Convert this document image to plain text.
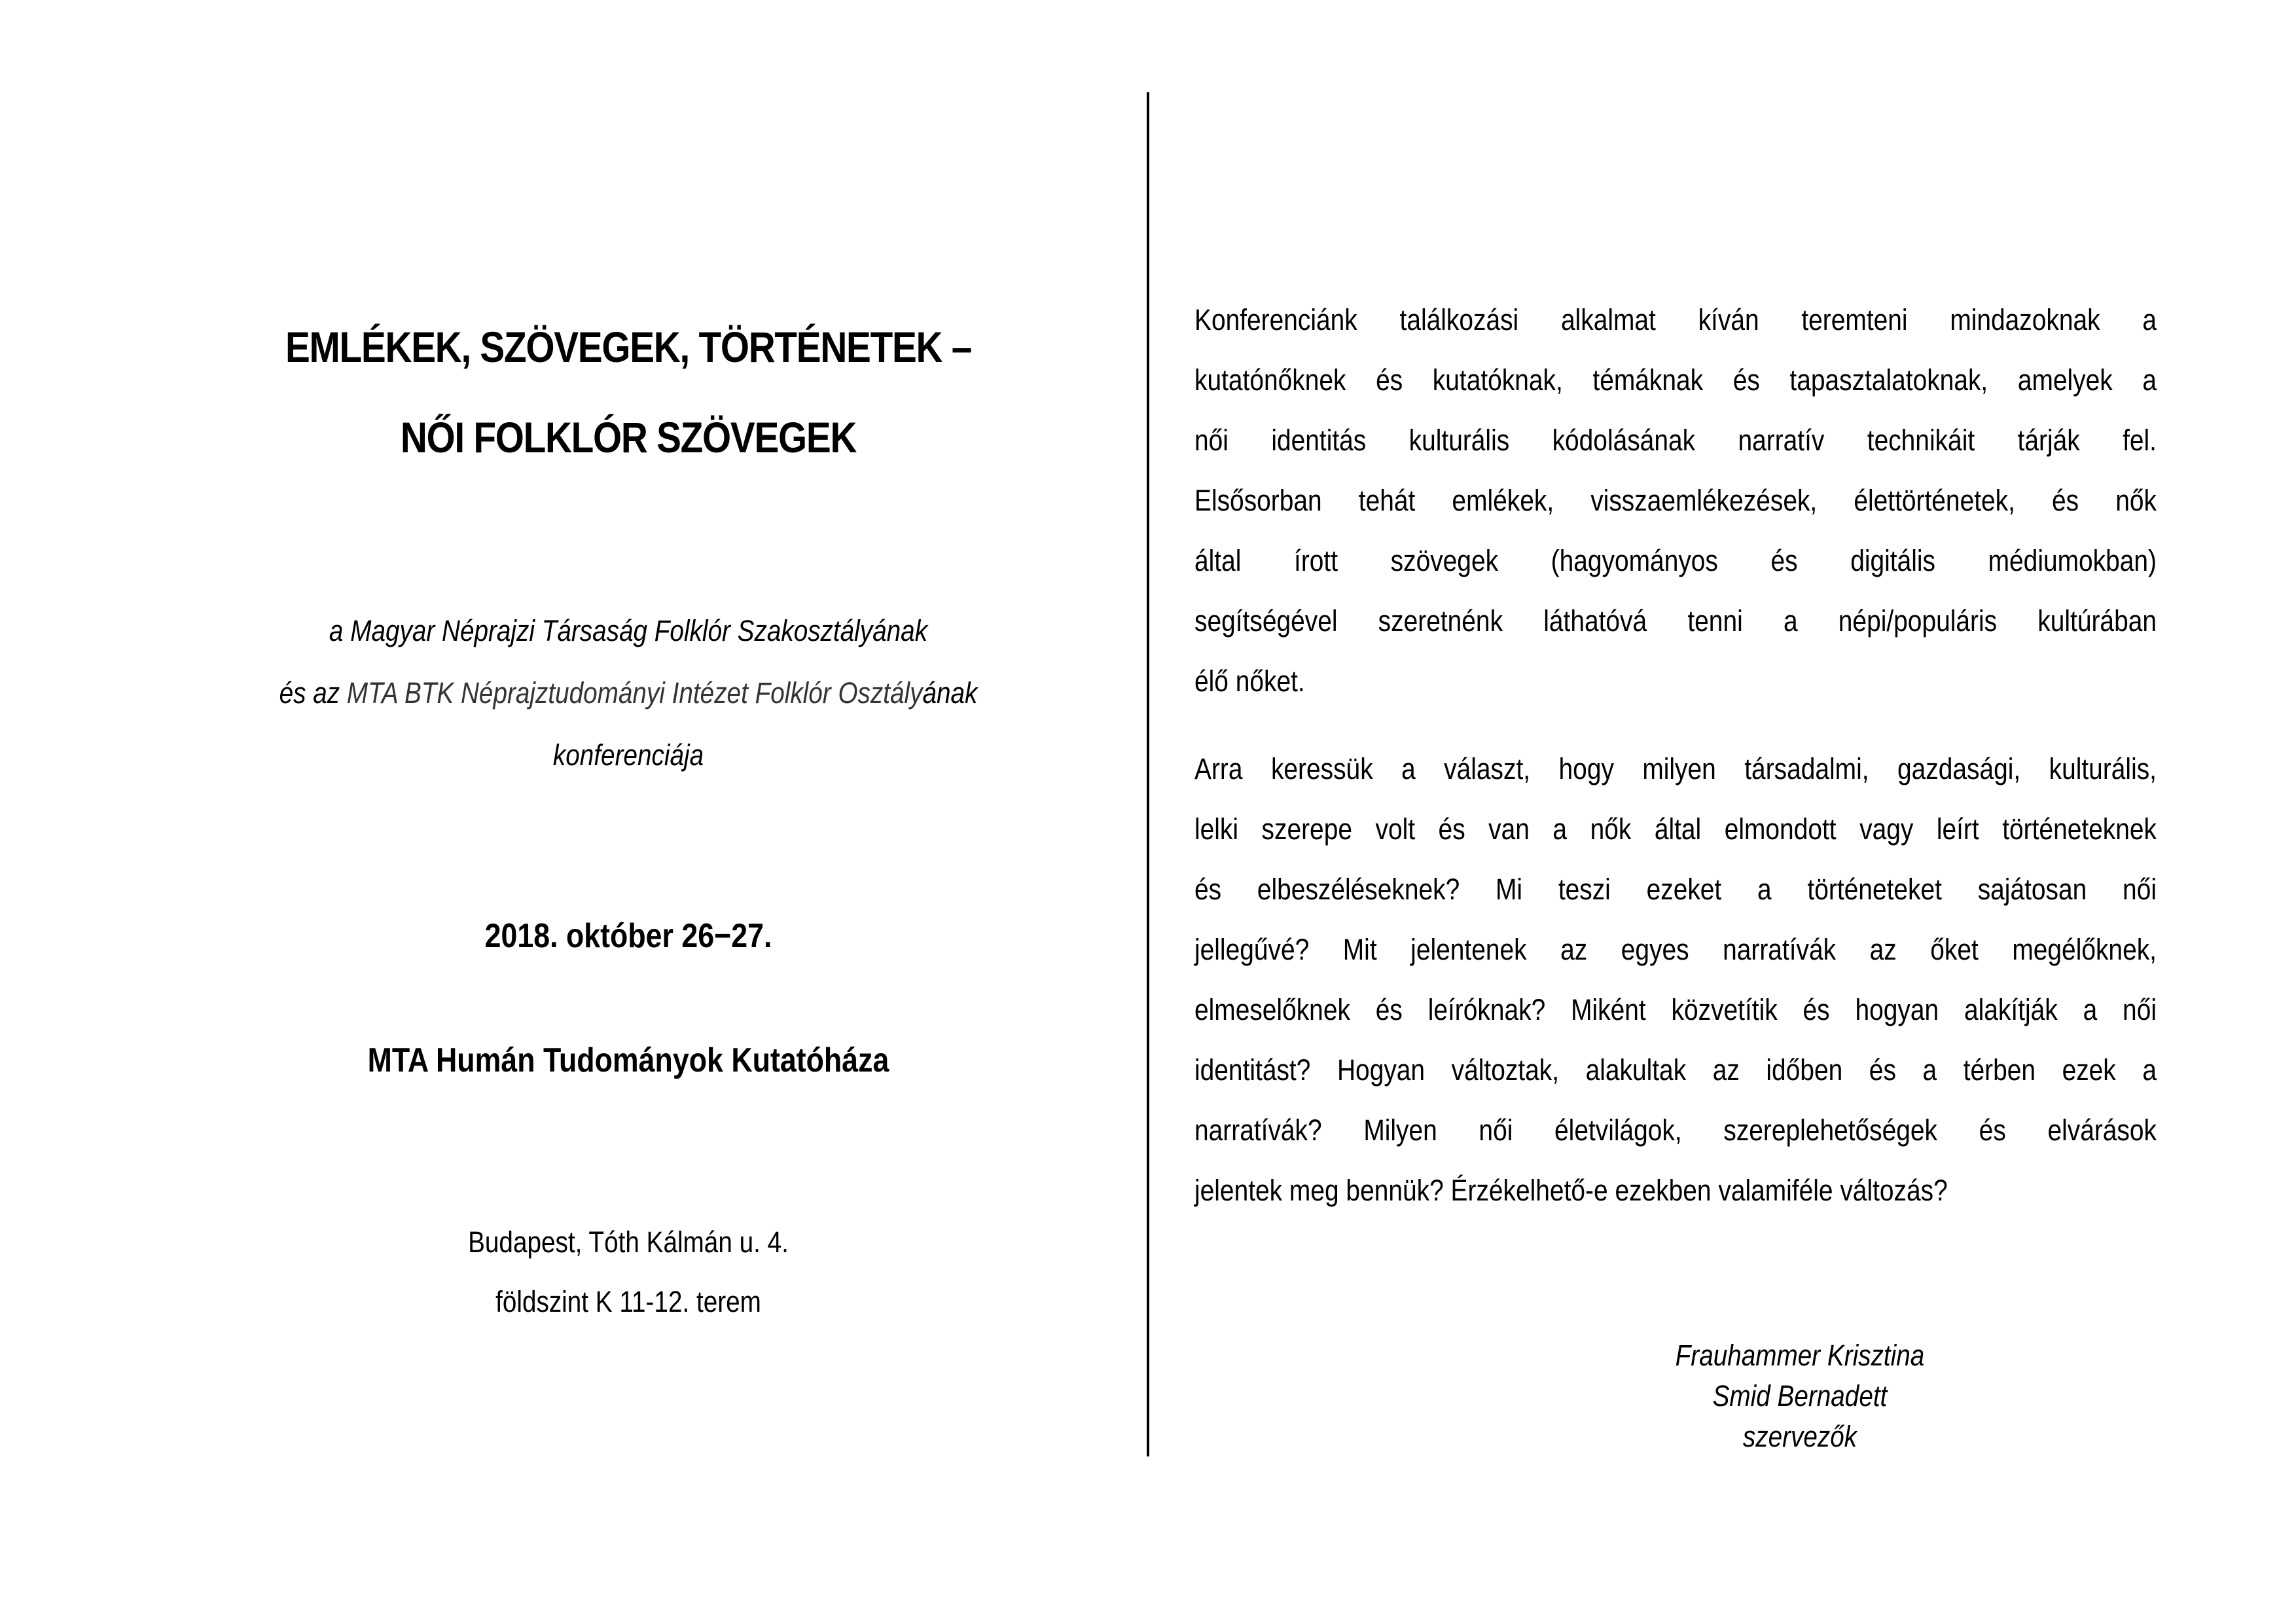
EMLÉKEK, SZÖVEGEK, TÖRTÉNETEK –
NŐI FOLKLÓR SZÖVEGEK
a Magyar Néprajzi Társaság Folklór Szakosztályának
és az MTA BTK Néprajztudományi Intézet Folklór Osztályának
konferenciája
2018. október 26−27.
MTA Humán Tudományok Kutatóháza
Budapest, Tóth Kálmán u. 4.
földszint K 11-12. terem
Konferenciánk találkozási alkalmat kíván teremteni mindazoknak a
kutatónőknek és kutatóknak, témáknak és tapasztalatoknak, amelyek a
női identitás kulturális kódolásának narratív technikáit tárják fel.
Elsősorban tehát emlékek, visszaemlékezések, élettörténetek, és nők
által írott szövegek (hagyományos és digitális médiumokban)
segítségével szeretnénk láthatóvá tenni a népi/populáris kultúrában
élő nőket.
Arra keressük a választ, hogy milyen társadalmi, gazdasági, kulturális,
lelki szerepe volt és van a nők által elmondott vagy leírt történeteknek
és elbeszéléseknek? Mi teszi ezeket a történeteket sajátosan női
jellegűvé? Mit jelentenek az egyes narratívák az őket megélőknek,
elmeselőknek és leíróknak? Miként közvetítik és hogyan alakítják a női
identitást? Hogyan változtak, alakultak az időben és a térben ezek a
narratívák? Milyen női életvilágok, szereplehetőségek és elvárások
jelentek meg bennük? Érzékelhető-e ezekben valamiféle változás?
Frauhammer Krisztina
Smid Bernadett
szervezők
